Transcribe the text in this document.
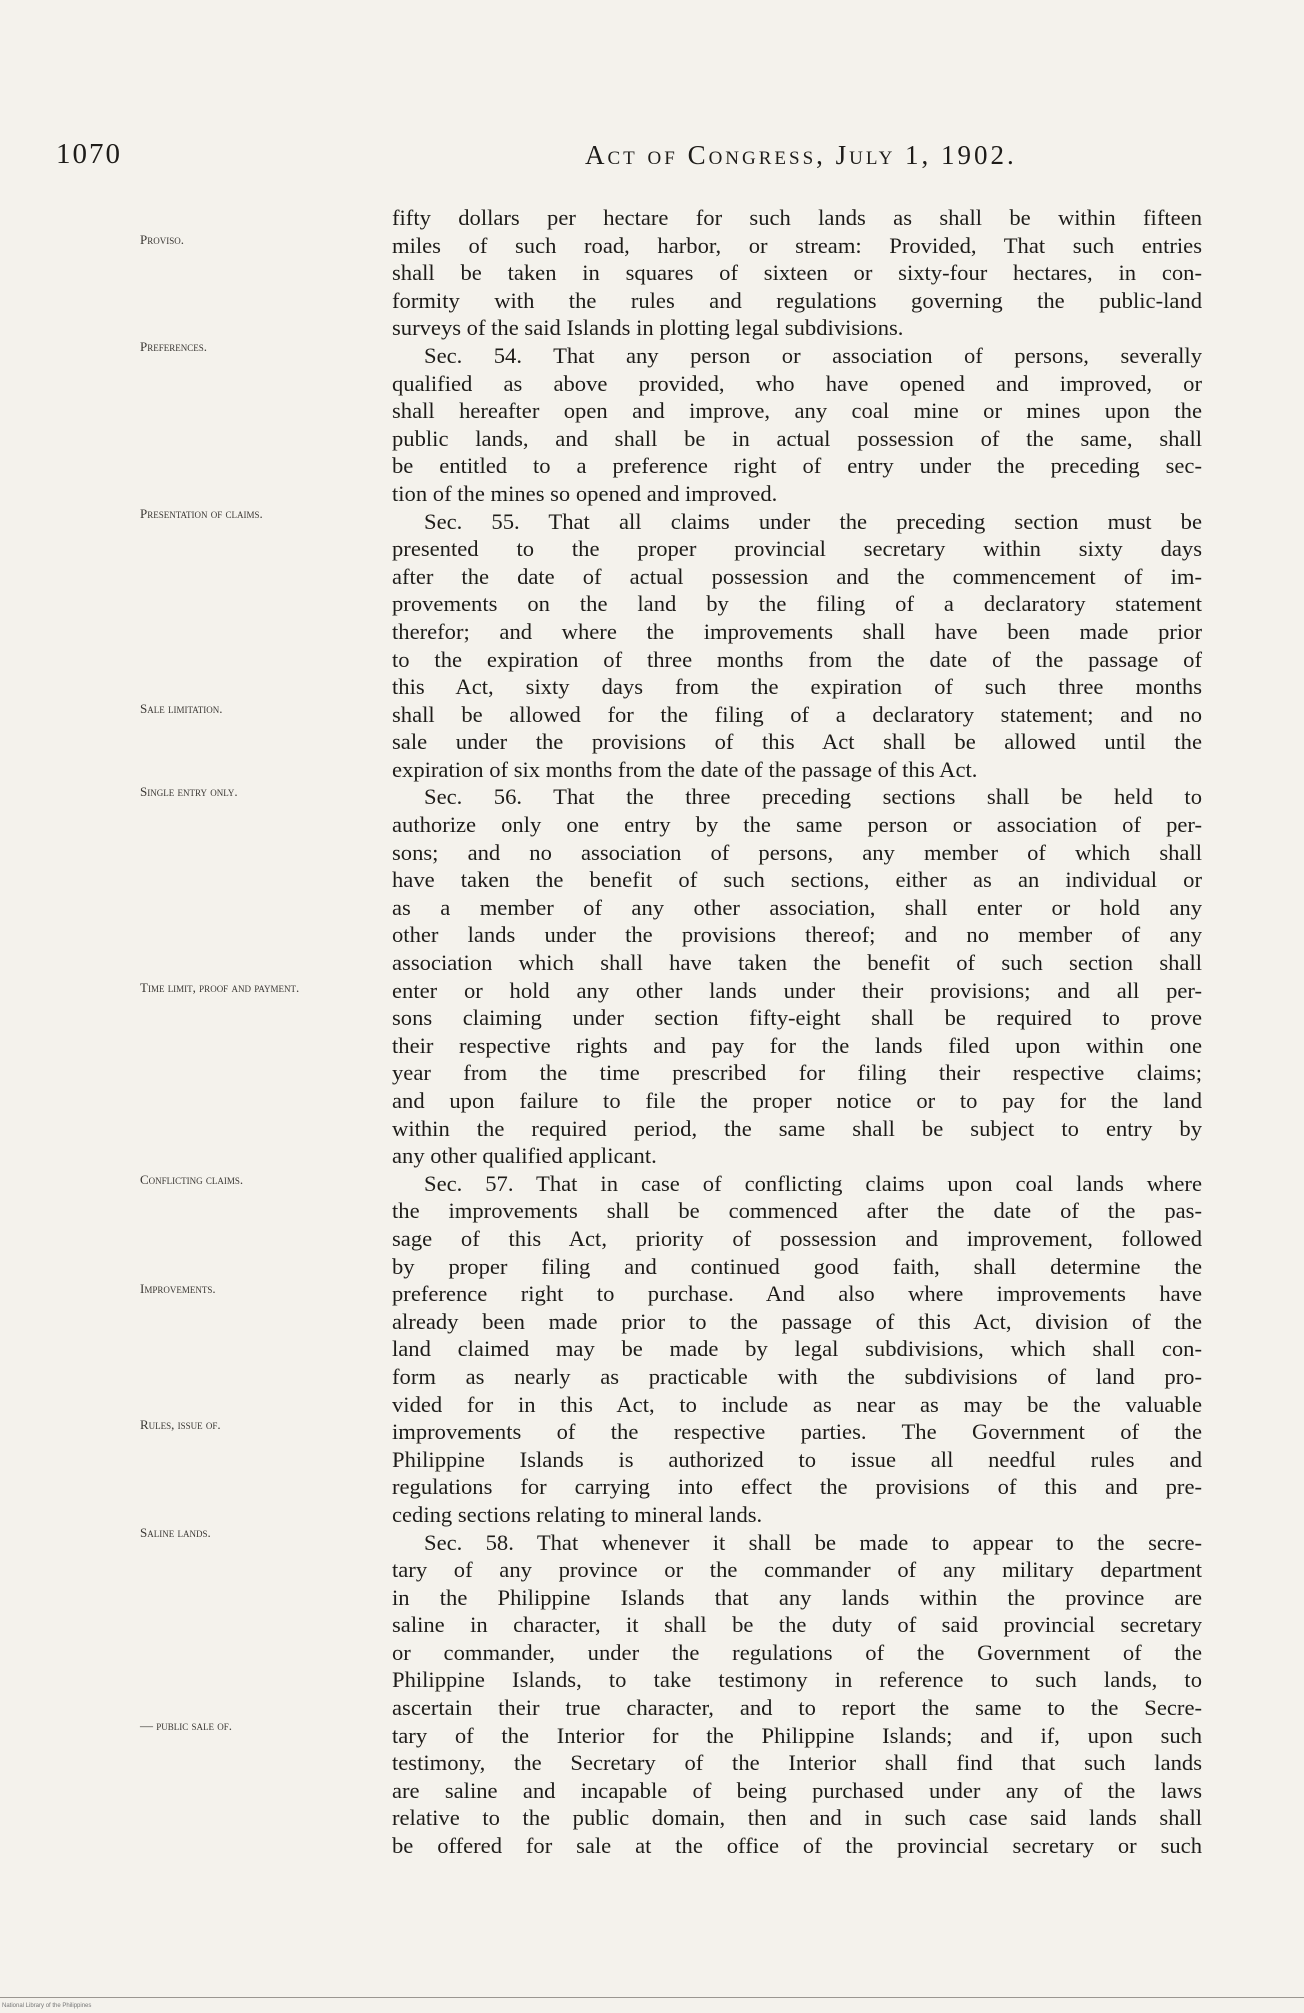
1070	Act of Congress, July 1, 1902.
Proviso.
Preferences.
Presentation of claims.
Sale limitation.
Single entry only.
Time limit, proof and payment.
Conflicting claims.
Improvements.
Rules, issue of.
Saline lands.
— public sale of.
fifty dollars per hectare for such lands as shall be within fifteen
miles of such road, harbor, or stream: Provided, That such entries
shall be taken in squares of sixteen or sixty-four hectares, in con-
formity with the rules and regulations governing the public-land
surveys of the said Islands in plotting legal subdivisions.
Sec. 54. That any person or association of persons, severally
qualified as above provided, who have opened and improved, or
shall hereafter open and improve, any coal mine or mines upon the
public lands, and shall be in actual possession of the same, shall
be entitled to a preference right of entry under the preceding sec-
tion of the mines so opened and improved.
Sec. 55. That all claims under the preceding section must be
presented to the proper provincial secretary within sixty days
after the date of actual possession and the commencement of im-
provements on the land by the filing of a declaratory statement
therefor; and where the improvements shall have been made prior
to the expiration of three months from the date of the passage of
this Act, sixty days from the expiration of such three months
shall be allowed for the filing of a declaratory statement; and no
sale under the provisions of this Act shall be allowed until the
expiration of six months from the date of the passage of this Act.
Sec. 56. That the three preceding sections shall be held to
authorize only one entry by the same person or association of per-
sons; and no association of persons, any member of which shall
have taken the benefit of such sections, either as an individual or
as a member of any other association, shall enter or hold any
other lands under the provisions thereof; and no member of any
association which shall have taken the benefit of such section shall
enter or hold any other lands under their provisions; and all per-
sons claiming under section fifty-eight shall be required to prove
their respective rights and pay for the lands filed upon within one
year from the time prescribed for filing their respective claims;
and upon failure to file the proper notice or to pay for the land
within the required period, the same shall be subject to entry by
any other qualified applicant.
Sec. 57. That in case of conflicting claims upon coal lands where
the improvements shall be commenced after the date of the pas-
sage of this Act, priority of possession and improvement, followed
by proper filing and continued good faith, shall determine the
preference right to purchase. And also where improvements have
already been made prior to the passage of this Act, division of the
land claimed may be made by legal subdivisions, which shall con-
form as nearly as practicable with the subdivisions of land pro-
vided for in this Act, to include as near as may be the valuable
improvements of the respective parties. The Government of the
Philippine Islands is authorized to issue all needful rules and
regulations for carrying into effect the provisions of this and pre-
ceding sections relating to mineral lands.
Sec. 58. That whenever it shall be made to appear to the secre-
tary of any province or the commander of any military department
in the Philippine Islands that any lands within the province are
saline in character, it shall be the duty of said provincial secretary
or commander, under the regulations of the Government of the
Philippine Islands, to take testimony in reference to such lands, to
ascertain their true character, and to report the same to the Secre-
tary of the Interior for the Philippine Islands; and if, upon such
testimony, the Secretary of the Interior shall find that such lands
are saline and incapable of being purchased under any of the laws
relative to the public domain, then and in such case said lands shall
be offered for sale at the office of the provincial secretary or such
National Library of the Philippines
